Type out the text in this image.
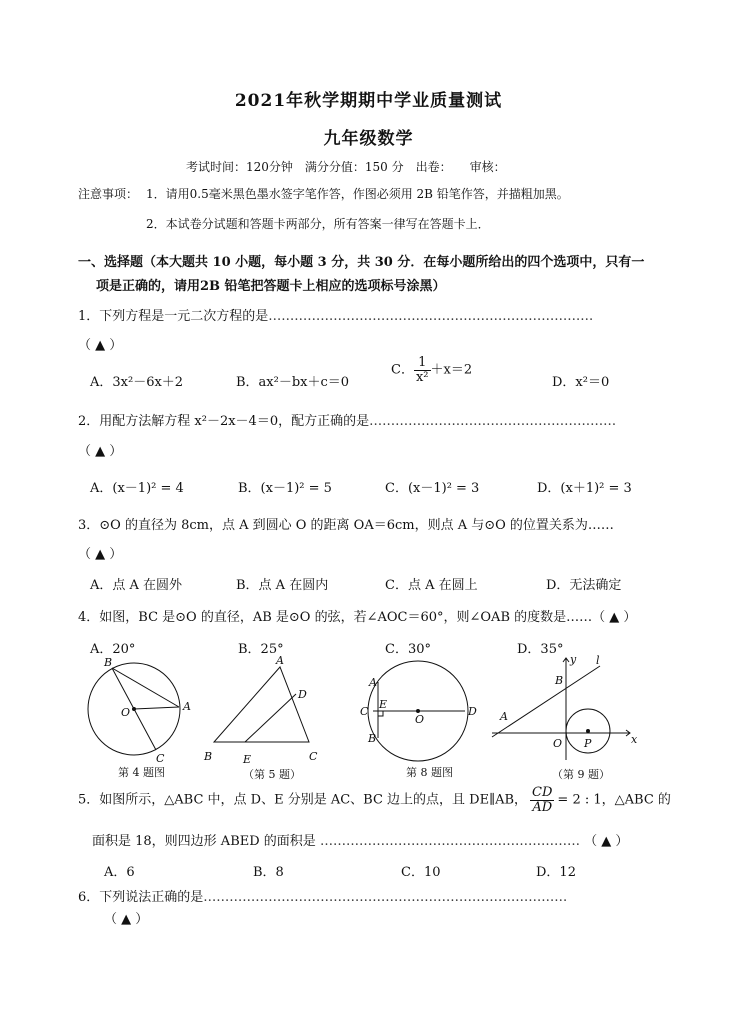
2021年秋学期期中学业质量测试
九年级数学
考试时间：120分钟　满分分值：150 分　出卷：　　审核：
注意事项： 1．请用0.5毫米黑色墨水签字笔作答，作图必须用 2B 铅笔作答，并描粗加黑。
2．本试卷分试题和答题卡两部分，所有答案一律写在答题卡上．
一、选择题（本大题共 10 小题，每小题 3 分，共 30 分．在每小题所给出的四个选项中，只有一
项是正确的，请用2B 铅笔把答题卡上相应的选项标号涂黑）
1．下列方程是一元二次方程的是…………………………………………………………………
（ ▲ ）
A．3x²－6x＋2	B．ax²－bx＋c＝0
C． $\frac{1}{\text{x²}} +x=2$
D．x²＝0
2．用配方法解方程 x²－2x－4＝0，配方正确的是…………………………………………………
（ ▲ ）
A．(x－1)² = 4	B．(x－1)² = 5	C．(x－1)² = 3	D．(x＋1)² = 3
3．⊙O 的直径为 8cm，点 A 到圆心 O 的距离 OA＝6cm，则点 A 与⊙O 的位置关系为……
（ ▲ ）
A．点 A 在圆外	B．点 A 在圆内	C．点 A 在圆上	D．无法确定
4．如图，BC 是⊙O 的直径，AB 是⊙O 的弦，若∠AOC＝60°，则∠OAB 的度数是……（ ▲ ）
A．20°	B．25°	C．30°	D．35°
B
O	A
C
第 4 题图
A
D
B	E	C
（第 5 题）
A
C
E
O
D
B
第 8 题图
y l
B
A
O P	x
（第 9 题）
5．如图所示，△ABC 中，点 D、E 分别是 AC、BC 边上的点，且 DE∥AB， $\frac{CD}{AD} = 2$ : 1，△ABC 的
面积是 18，则四边形 ABED 的面积是 …………………………………………………… （ ▲ ）
A．6	B．8	C．10	D．12
6．下列说法正确的是…………………………………………………………………………
（ ▲ ）
